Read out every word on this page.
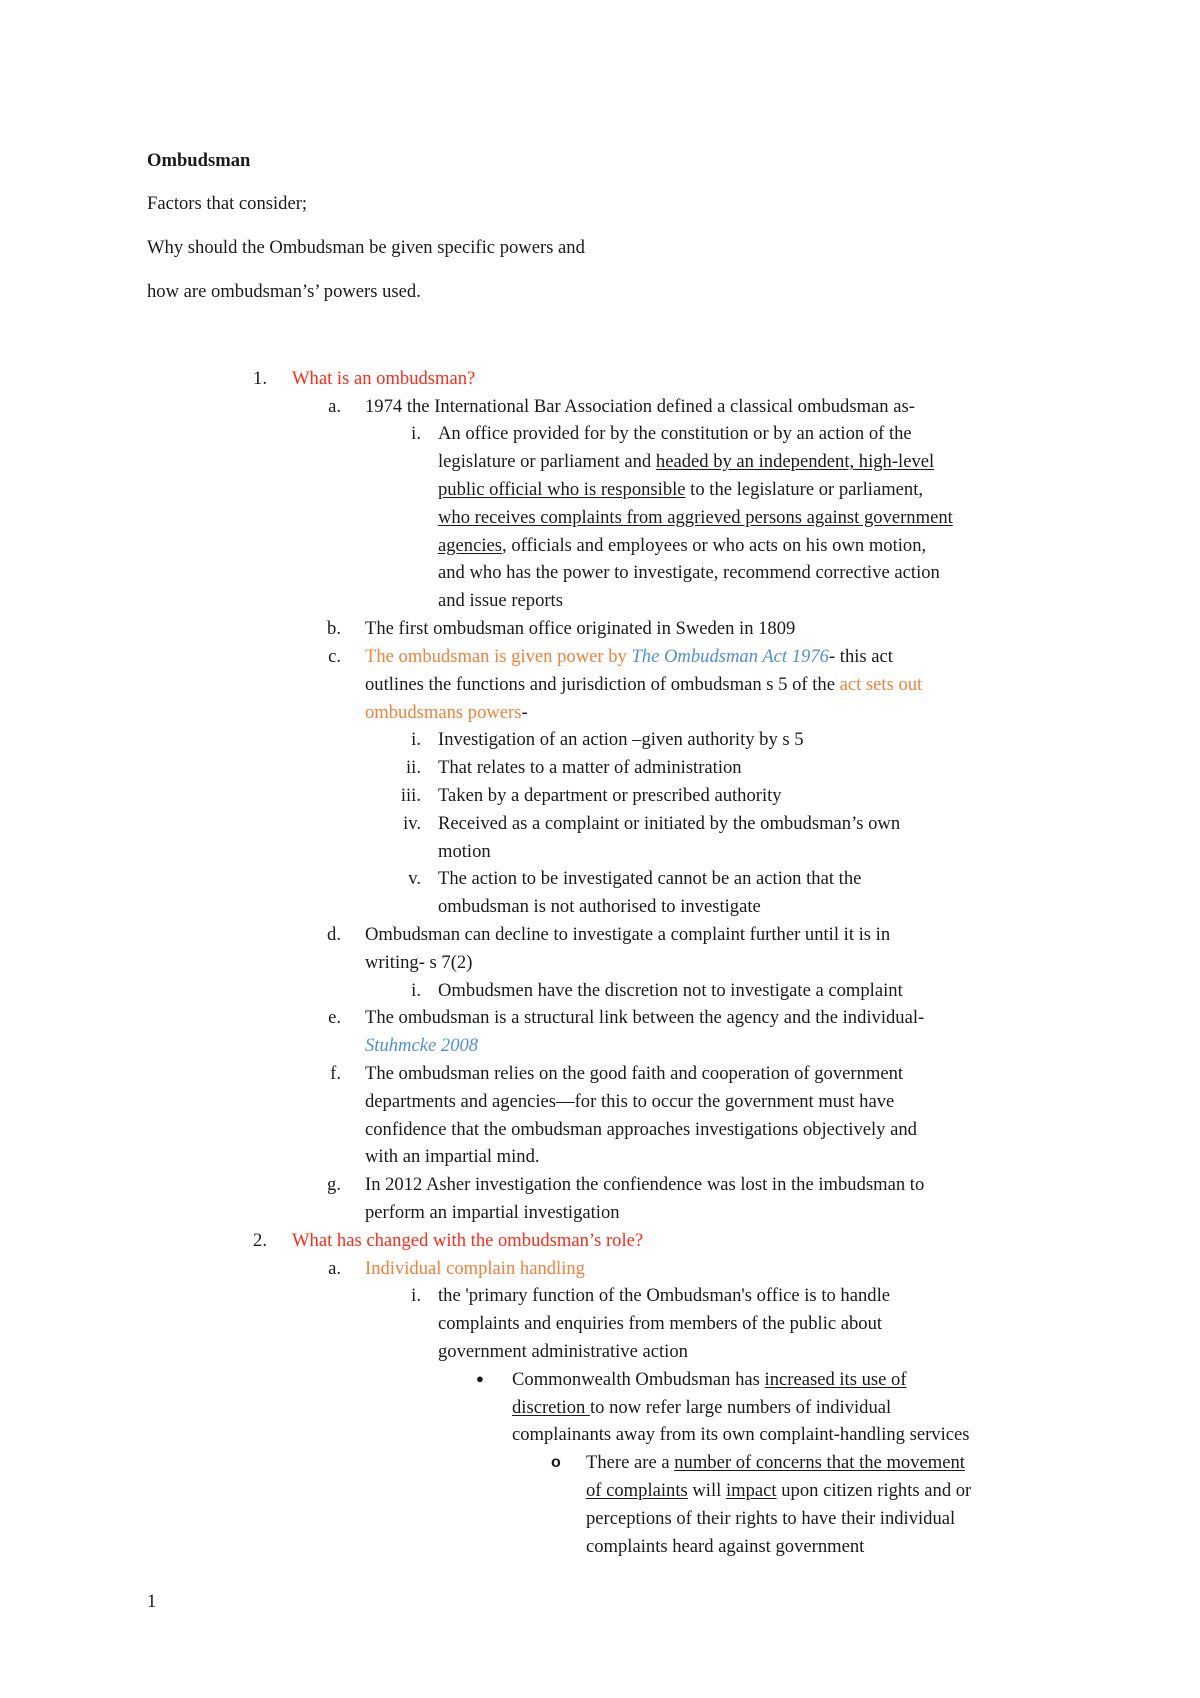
Ombudsman
Factors that consider;
Why should the Ombudsman be given specific powers and
how are ombudsman’s’ powers used.
1. What is an ombudsman?
a. 1974 the International Bar Association defined a classical ombudsman as-
i. An office provided for by the constitution or by an action of the
legislature or parliament and headed by an independent, high-level
public official who is responsible to the legislature or parliament,
who receives complaints from aggrieved persons against government
agencies, officials and employees or who acts on his own motion,
and who has the power to investigate, recommend corrective action
and issue reports
b. The first ombudsman office originated in Sweden in 1809
c. The ombudsman is given power by The Ombudsman Act 1976- this act
outlines the functions and jurisdiction of ombudsman s 5 of the act sets out
ombudsmans powers-
i. Investigation of an action –given authority by s 5
ii. That relates to a matter of administration
iii. Taken by a department or prescribed authority
iv. Received as a complaint or initiated by the ombudsman’s own
motion
v. The action to be investigated cannot be an action that the
ombudsman is not authorised to investigate
d. Ombudsman can decline to investigate a complaint further until it is in
writing- s 7(2)
i. Ombudsmen have the discretion not to investigate a complaint
e. The ombudsman is a structural link between the agency and the individual-
Stuhmcke 2008
f. The ombudsman relies on the good faith and cooperation of government
departments and agencies—for this to occur the government must have
confidence that the ombudsman approaches investigations objectively and
with an impartial mind.
g. In 2012 Asher investigation the confiendence was lost in the imbudsman to
perform an impartial investigation
2. What has changed with the ombudsman’s role?
a. Individual complain handling
i. the 'primary function of the Ombudsman's office is to handle
complaints and enquiries from members of the public about
government administrative action
● Commonwealth Ombudsman has increased its use of
discretion to now refer large numbers of individual
complainants away from its own complaint-handling services
o There are a number of concerns that the movement
of complaints will impact upon citizen rights and or
perceptions of their rights to have their individual
complaints heard against government
1
